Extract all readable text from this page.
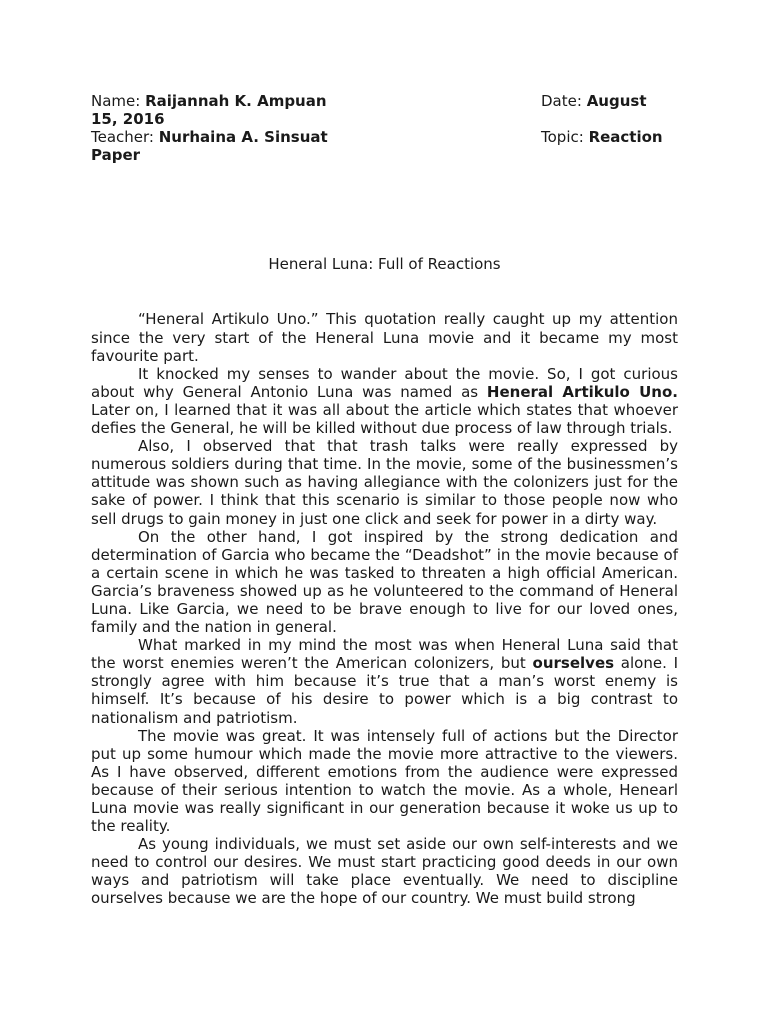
Name: Raijannah K. Ampuan	Date: August
15, 2016
Teacher: Nurhaina A. Sinsuat	Topic: Reaction
Paper
Heneral Luna: Full of Reactions

“Heneral Artikulo Uno.” This quotation really caught up my attention since the very start of the Heneral Luna movie and it became my most favourite part.

It knocked my senses to wander about the movie. So, I got curious about why General Antonio Luna was named as Heneral Artikulo Uno. Later on, I learned that it was all about the article which states that whoever defies the General, he will be killed without due process of law through trials.

Also, I observed that that trash talks were really expressed by numerous soldiers during that time. In the movie, some of the businessmen’s attitude was shown such as having allegiance with the colonizers just for the sake of power. I think that this scenario is similar to those people now who sell drugs to gain money in just one click and seek for power in a dirty way.

On the other hand, I got inspired by the strong dedication and determination of Garcia who became the “Deadshot” in the movie because of a certain scene in which he was tasked to threaten a high official American. Garcia’s braveness showed up as he volunteered to the command of Heneral Luna. Like Garcia, we need to be brave enough to live for our loved ones, family and the nation in general.

What marked in my mind the most was when Heneral Luna said that the worst enemies weren’t the American colonizers, but ourselves alone. I strongly agree with him because it’s true that a man’s worst enemy is himself. It’s because of his desire to power which is a big contrast to nationalism and patriotism.

The movie was great. It was intensely full of actions but the Director put up some humour which made the movie more attractive to the viewers. As I have observed, different emotions from the audience were expressed because of their serious intention to watch the movie. As a whole, Henearl Luna movie was really significant in our generation because it woke us up to the reality.

As young individuals, we must set aside our own self-interests and we need to control our desires. We must start practicing good deeds in our own ways and patriotism will take place eventually. We need to discipline ourselves because we are the hope of our country. We must build strong
